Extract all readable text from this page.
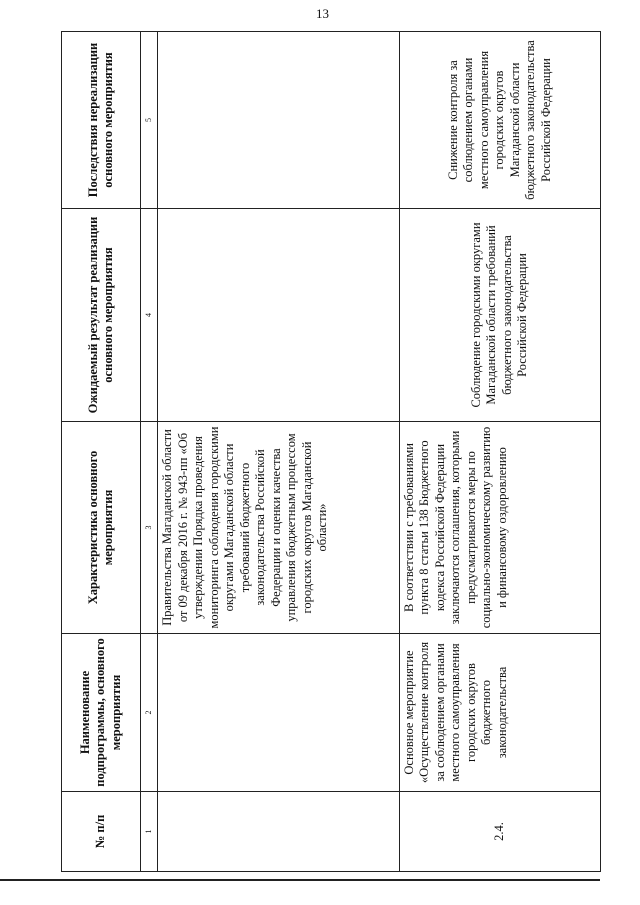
13
№ п/п	Наименование подпрограммы, основного мероприятия	Характеристика основного мероприятия	Ожидаемый результат реализации основного мероприятия	Последствия нереализации основного мероприятия
1	2	3	4	5
		Правительства Магаданской области от 09 декабря 2016 г. № 943-пп «Об утверждении Порядка проведения мониторинга соблюдения городскими округами Магаданской области требований бюджетного законодательства Российской Федерации и оценки качества управления бюджетным процессом городских округов Магаданской области»		
2.4.	Основное мероприятие «Осуществление контроля за соблюдением органами местного самоуправления городских округов бюджетного законодательства	В соответствии с требованиями пункта 8 статьи 138 Бюджетного кодекса Российской Федерации заключаются соглашения, которыми предусматриваются меры по социально-экономическому развитию и финансовому оздоровлению	Соблюдение городскими округами Магаданской области требований бюджетного законодательства Российской Федерации	Снижение контроля за соблюдением органами местного самоуправления городских округов Магаданской области бюджетного законодательства Российской Федерации
